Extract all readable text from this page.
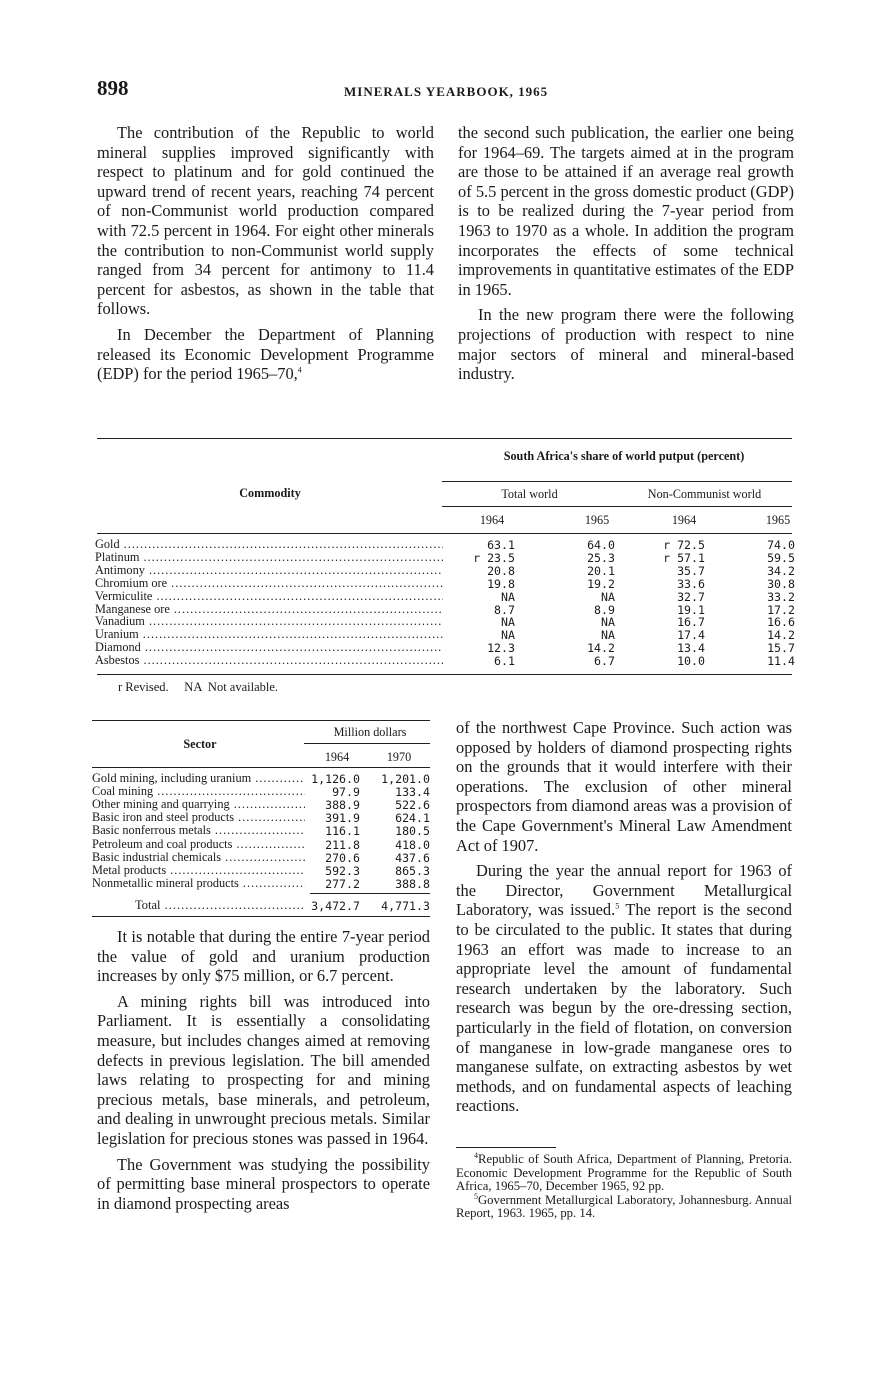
898	MINERALS YEARBOOK, 1965

The contribution of the Republic to world mineral supplies improved significantly with respect to platinum and for gold continued the upward trend of recent years, reaching 74 percent of non-Communist world production compared with 72.5 percent in 1964. For eight other minerals the contribution to non-Communist world supply ranged from 34 percent for antimony to 11.4 percent for asbestos, as shown in the table that follows.

In December the Department of Planning released its Economic Development Programme (EDP) for the period 1965–70,$^4$

the second such publication, the earlier one being for 1964–69. The targets aimed at in the program are those to be attained if an average real growth of 5.5 percent in the gross domestic product (GDP) is to be realized during the 7-year period from 1963 to 1970 as a whole. In addition the program incorporates the effects of some technical improvements in quantitative estimates of the EDP in 1965.

In the new program there were the following projections of production with respect to nine major sectors of mineral and mineral-based industry.

South Africa's share of world putput (percent)
Commodity	Total world	Non-Communist world
1964	1965	1964	1965
Gold .....	63.1	64.0	r 72.5	74.0
Platinum .....	r 23.5	25.3	r 57.1	59.5
Antimony .....	20.8	20.1	35.7	34.2
Chromium ore .....	19.8	19.2	33.6	30.8
Vermiculite .....	NA	NA	32.7	33.2
Manganese ore .....	8.7	8.9	19.1	17.2
Vanadium .....	NA	NA	16.7	16.6
Uranium .....	NA	NA	17.4	14.2
Diamond .....	12.3	14.2	13.4	15.7
Asbestos .....	6.1	6.7	10.0	11.4
r Revised.     NA  Not available.
Sector
Million dollars
1964	1970
Gold mining, including uranium .....	1,126.0	1,201.0
Coal mining .....	97.9	133.4
Other mining and quarrying .....	388.9	522.6
Basic iron and steel products .....	391.9	624.1
Basic nonferrous metals .....	116.1	180.5
Petroleum and coal products .....	211.8	418.0
Basic industrial chemicals .....	270.6	437.6
Metal products .....	592.3	865.3
Nonmetallic mineral products .....	277.2	388.8
Total .....	3,472.7	4,771.3

It is notable that during the entire 7-year period the value of gold and uranium production increases by only $75 million, or 6.7 percent.

A mining rights bill was introduced into Parliament. It is essentially a consolidating measure, but includes changes aimed at removing defects in previous legislation. The bill amended laws relating to prospecting for and mining precious metals, base minerals, and petroleum, and dealing in unwrought precious metals. Similar legislation for precious stones was passed in 1964.

The Government was studying the possibility of permitting base mineral prospectors to operate in diamond prospecting areas

of the northwest Cape Province. Such action was opposed by holders of diamond prospecting rights on the grounds that it would interfere with their operations. The exclusion of other mineral prospectors from diamond areas was a provision of the Cape Government's Mineral Law Amendment Act of 1907.

During the year the annual report for 1963 of the Director, Government Metallurgical Laboratory, was issued.$^5$ The report is the second to be circulated to the public. It states that during 1963 an effort was made to increase to an appropriate level the amount of fundamental research undertaken by the laboratory. Such research was begun by the ore-dressing section, particularly in the field of flotation, on conversion of manganese in low-grade manganese ores to manganese sulfate, on extracting asbestos by wet methods, and on fundamental aspects of leaching reactions.

$^4$Republic of South Africa, Department of Planning, Pretoria. Economic Development Programme for the Republic of South Africa, 1965–70, December 1965, 92 pp.

$^5$Government Metallurgical Laboratory, Johannesburg. Annual Report, 1963. 1965, pp. 14.
